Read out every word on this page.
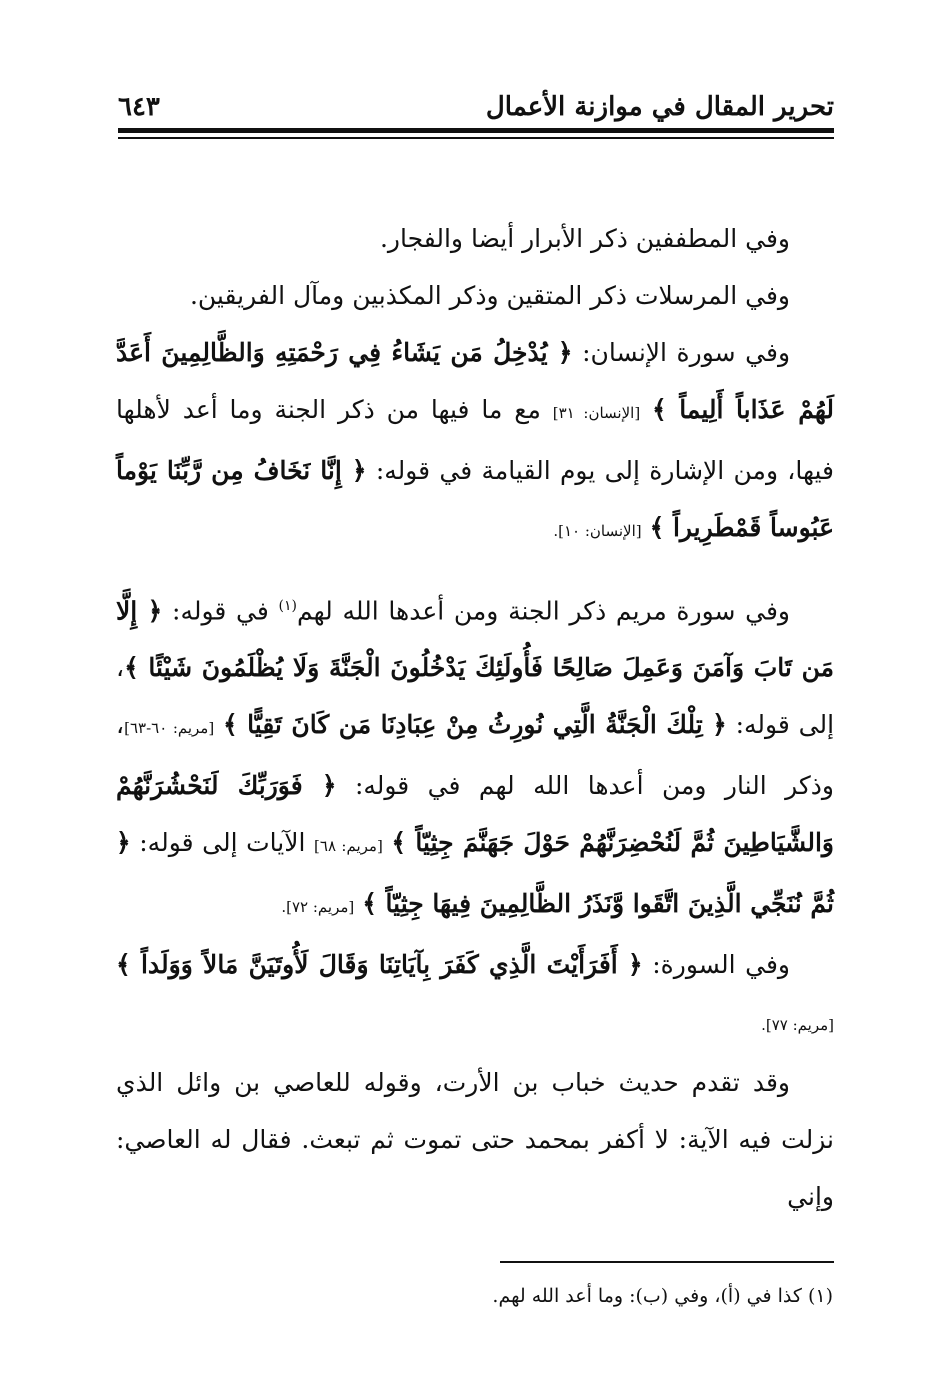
تحرير المقال في موازنة الأعمال
٦٤٣

وفي المطففين ذكر الأبرار أيضا والفجار.

وفي المرسلات ذكر المتقين وذكر المكذبين ومآل الفريقين.

وفي سورة الإنسان: ﴿ يُدْخِلُ مَن يَشَاءُ فِي رَحْمَتِهِ وَالظَّالِمِينَ أَعَدَّ لَهُمْ عَذَاباً أَلِيماً ﴾ [الإنسان: ٣١] مع ما فيها من ذكر الجنة وما أعد لأهلها فيها، ومن الإشارة إلى يوم القيامة في قوله: ﴿ إِنَّا نَخَافُ مِن رَّبِّنَا يَوْماً عَبُوساً قَمْطَرِيراً ﴾ [الإنسان: ١٠].

وفي سورة مريم ذكر الجنة ومن أعدها الله لهم$^{(١)}$ في قوله: ﴿ إِلَّا مَن تَابَ وَآمَنَ وَعَمِلَ صَالِحًا فَأُولَئِكَ يَدْخُلُونَ الْجَنَّةَ وَلَا يُظْلَمُونَ شَيْئًا ﴾، إلى قوله: ﴿ تِلْكَ الْجَنَّةُ الَّتِي نُورِثُ مِنْ عِبَادِنَا مَن كَانَ تَقِيًّا ﴾ [مريم: ٦٠-٦٣]، وذكر النار ومن أعدها الله لهم في قوله: ﴿ فَوَرَبِّكَ لَنَحْشُرَنَّهُمْ وَالشَّيَاطِينَ ثُمَّ لَنُحْضِرَنَّهُمْ حَوْلَ جَهَنَّمَ جِثِيّاً ﴾ [مريم: ٦٨] الآيات إلى قوله: ﴿ ثُمَّ نُنَجِّي الَّذِينَ اتَّقَوا وَّنَذَرُ الظَّالِمِينَ فِيهَا جِثِيّاً ﴾ [مريم: ٧٢].

وفي السورة: ﴿ أَفَرَأَيْتَ الَّذِي كَفَرَ بِآيَاتِنَا وَقَالَ لَأُوتَيَنَّ مَالاً وَوَلَداً ﴾ [مريم: ٧٧].

وقد تقدم حديث خباب بن الأرت، وقوله للعاصي بن وائل الذي نزلت فيه الآية: لا أكفر بمحمد حتى تموت ثم تبعث. فقال له العاصي: وإني

(١) كذا في (أ)، وفي (ب): وما أعد الله لهم.
